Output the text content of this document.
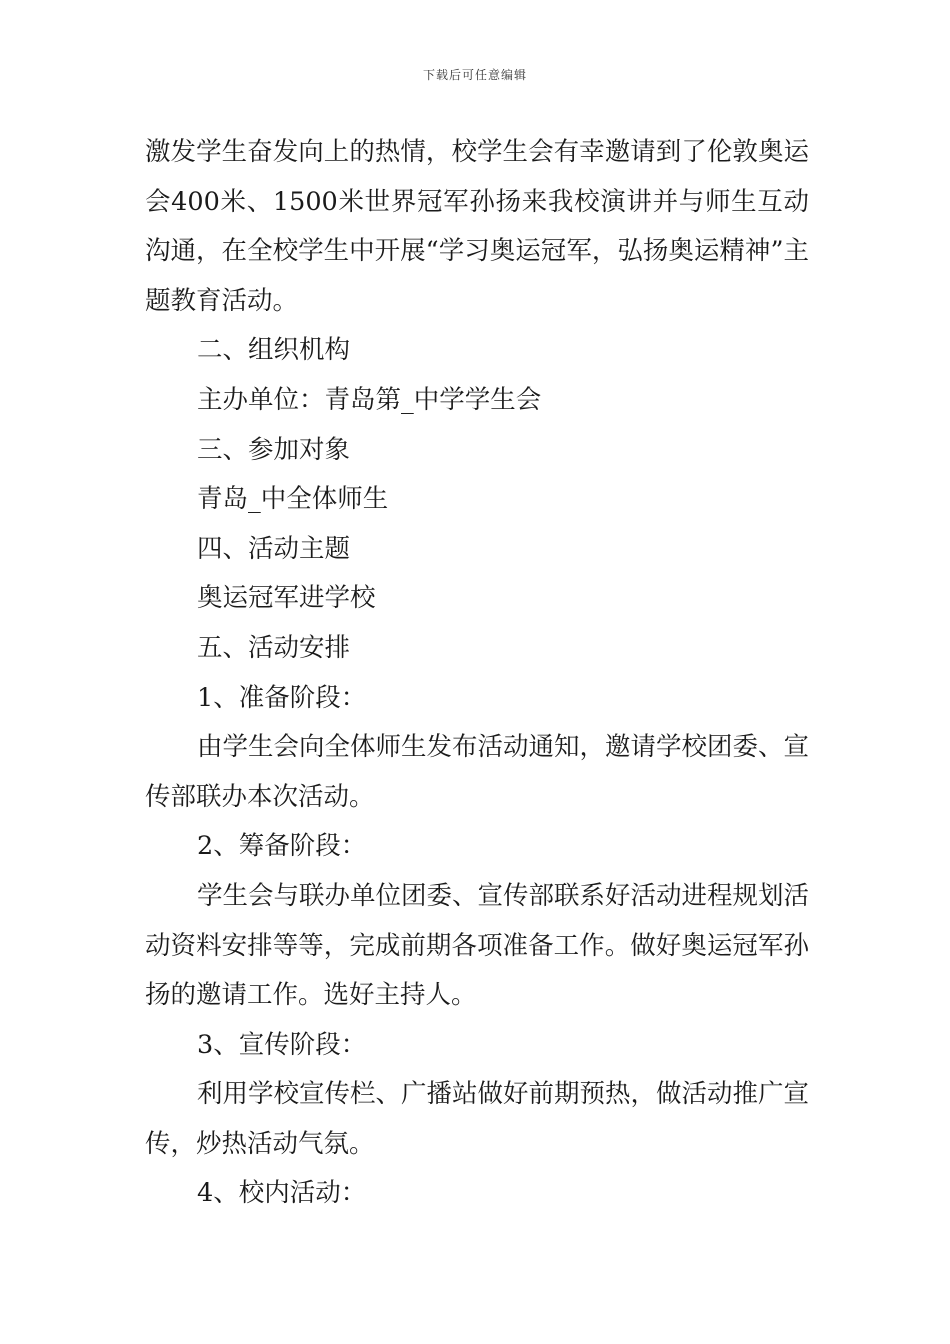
下载后可任意编辑

激发学生奋发向上的热情，校学生会有幸邀请到了伦敦奥运会400米、1500米世界冠军孙扬来我校演讲并与师生互动沟通，在全校学生中开展“学习奥运冠军，弘扬奥运精神”主题教育活动。

二、组织机构

主办单位：青岛第_中学学生会

三、参加对象

青岛_中全体师生

四、活动主题

奥运冠军进学校

五、活动安排

1、准备阶段：

由学生会向全体师生发布活动通知，邀请学校团委、宣传部联办本次活动。

2、筹备阶段：

学生会与联办单位团委、宣传部联系好活动进程规划活动资料安排等等，完成前期各项准备工作。做好奥运冠军孙扬的邀请工作。选好主持人。

3、宣传阶段：

利用学校宣传栏、广播站做好前期预热，做活动推广宣传，炒热活动气氛。

4、校内活动：
